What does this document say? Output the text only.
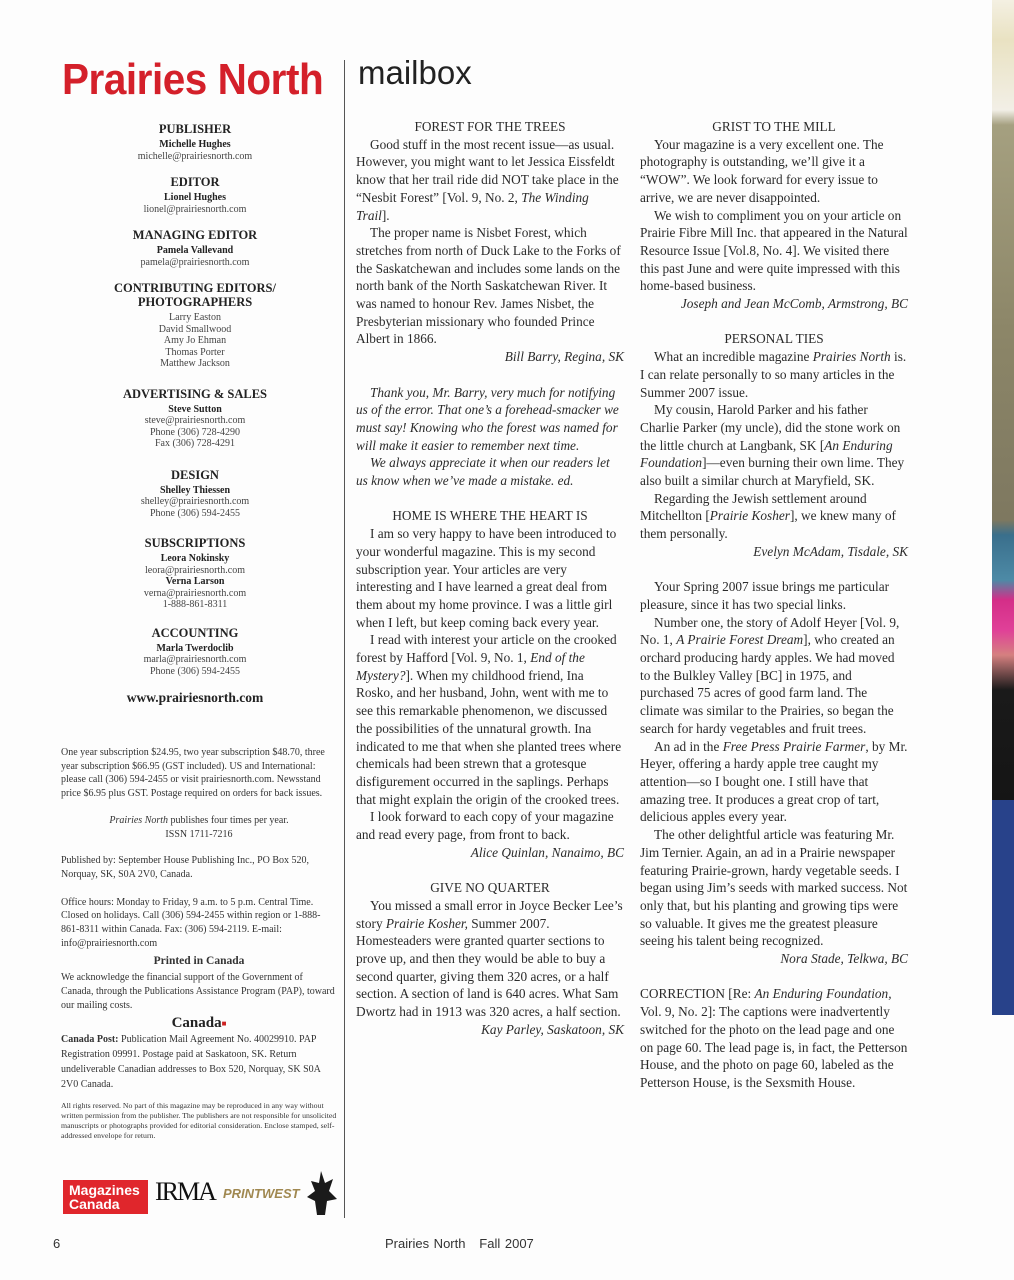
Prairies North mailbox
PUBLISHER
Michelle Hughes
michelle@prairiesnorth.com
EDITOR
Lionel Hughes
lionel@prairiesnorth.com
MANAGING EDITOR
Pamela Vallevand
pamela@prairiesnorth.com
CONTRIBUTING EDITORS/
PHOTOGRAPHERS
Larry Easton
David Smallwood
Amy Jo Ehman
Thomas Porter
Matthew Jackson
ADVERTISING & SALES
Steve Sutton
steve@prairiesnorth.com
Phone (306) 728-4290
Fax (306) 728-4291
DESIGN
Shelley Thiessen
shelley@prairiesnorth.com
Phone (306) 594-2455
SUBSCRIPTIONS
Leora Nokinsky
leora@prairiesnorth.com
Verna Larson
verna@prairiesnorth.com
1-888-861-8311
ACCOUNTING
Marla Twerdoclib
marla@prairiesnorth.com
Phone (306) 594-2455
www.prairiesnorth.com

One year subscription $24.95, two year subscription $48.70, three year subscription $66.95 (GST included). US and International: please call (306) 594-2455 or visit prairiesnorth.com. Newsstand price $6.95 plus GST. Postage required on orders for back issues.

Prairies North publishes four times per year.

ISSN 1711-7216

Published by: September House Publishing Inc., PO Box 520, Norquay, SK, S0A 2V0, Canada.

Office hours: Monday to Friday, 9 a.m. to 5 p.m. Central Time. Closed on holidays. Call (306) 594-2455 within region or 1-888-861-8311 within Canada. Fax: (306) 594-2119. E-mail: info@prairiesnorth.com

Printed in Canada

We acknowledge the financial support of the Government of Canada, through the Publications Assistance Program (PAP), toward our mailing costs.

Canada■

Canada Post: Publication Mail Agreement No. 40029910. PAP Registration 09991. Postage paid at Saskatoon, SK. Return undeliverable Canadian addresses to Box 520, Norquay, SK S0A 2V0 Canada.

All rights reserved. No part of this magazine may be reproduced in any way without written permission from the publisher. The publishers are not responsible for unsolicited manuscripts or photographs provided for editorial consideration. Enclose stamped, self-addressed envelope for return.

Magazines
Canada	IRMA PRINTWEST

FOREST FOR THE TREES

Good stuff in the most recent issue—as usual. However, you might want to let Jessica Eissfeldt know that her trail ride did NOT take place in the “Nesbit Forest” [Vol. 9, No. 2, The Winding Trail].

The proper name is Nisbet Forest, which stretches from north of Duck Lake to the Forks of the Saskatchewan and includes some lands on the north bank of the North Saskatchewan River. It was named to honour Rev. James Nisbet, the Presbyterian missionary who founded Prince Albert in 1866.

Bill Barry, Regina, SK

Thank you, Mr. Barry, very much for notifying us of the error. That one’s a forehead-smacker we must say! Knowing who the forest was named for will make it easier to remember next time.

We always appreciate it when our readers let us know when we’ve made a mistake. ed.

HOME IS WHERE THE HEART IS

I am so very happy to have been introduced to your wonderful magazine. This is my second subscription year. Your articles are very interesting and I have learned a great deal from them about my home province. I was a little girl when I left, but keep coming back every year.

I read with interest your article on the crooked forest by Hafford [Vol. 9, No. 1, End of the Mystery?]. When my childhood friend, Ina Rosko, and her husband, John, went with me to see this remarkable phenomenon, we discussed the possibilities of the unnatural growth. Ina indicated to me that when she planted trees where chemicals had been strewn that a grotesque disfigurement occurred in the saplings. Perhaps that might explain the origin of the crooked trees.

I look forward to each copy of your magazine and read every page, from front to back.

Alice Quinlan, Nanaimo, BC

GIVE NO QUARTER

You missed a small error in Joyce Becker Lee’s story Prairie Kosher, Summer 2007. Homesteaders were granted quarter sections to prove up, and then they would be able to buy a second quarter, giving them 320 acres, or a half section. A section of land is 640 acres. What Sam Dwortz had in 1913 was 320 acres, a half section.

Kay Parley, Saskatoon, SK

GRIST TO THE MILL

Your magazine is a very excellent one. The photography is outstanding, we’ll give it a “WOW”. We look forward for every issue to arrive, we are never disappointed.

We wish to compliment you on your article on Prairie Fibre Mill Inc. that appeared in the Natural Resource Issue [Vol.8, No. 4]. We visited there this past June and were quite impressed with this home-based business.

Joseph and Jean McComb, Armstrong, BC

PERSONAL TIES

What an incredible magazine Prairies North is. I can relate personally to so many articles in the Summer 2007 issue.

My cousin, Harold Parker and his father Charlie Parker (my uncle), did the stone work on the little church at Langbank, SK [An Enduring Foundation]—even burning their own lime. They also built a similar church at Maryfield, SK.

Regarding the Jewish settlement around Mitchellton [Prairie Kosher], we knew many of them personally.

Evelyn McAdam, Tisdale, SK

Your Spring 2007 issue brings me particular pleasure, since it has two special links.

Number one, the story of Adolf Heyer [Vol. 9, No. 1, A Prairie Forest Dream], who created an orchard producing hardy apples. We had moved to the Bulkley Valley [BC] in 1975, and purchased 75 acres of good farm land. The climate was similar to the Prairies, so began the search for hardy vegetables and fruit trees.

An ad in the Free Press Prairie Farmer, by Mr. Heyer, offering a hardy apple tree caught my attention—so I bought one. I still have that amazing tree. It produces a great crop of tart, delicious apples every year.

The other delightful article was featuring Mr. Jim Ternier. Again, an ad in a Prairie newspaper featuring Prairie-grown, hardy vegetable seeds. I began using Jim’s seeds with marked success. Not only that, but his planting and growing tips were so valuable. It gives me the greatest pleasure seeing his talent being recognized.

Nora Stade, Telkwa, BC

CORRECTION [Re: An Enduring Foundation, Vol. 9, No. 2]: The captions were inadvertently switched for the photo on the lead page and one on page 60. The lead page is, in fact, the Petterson House, and the photo on page 60, labeled as the Petterson House, is the Sexsmith House.

6	Prairies North   Fall 2007
